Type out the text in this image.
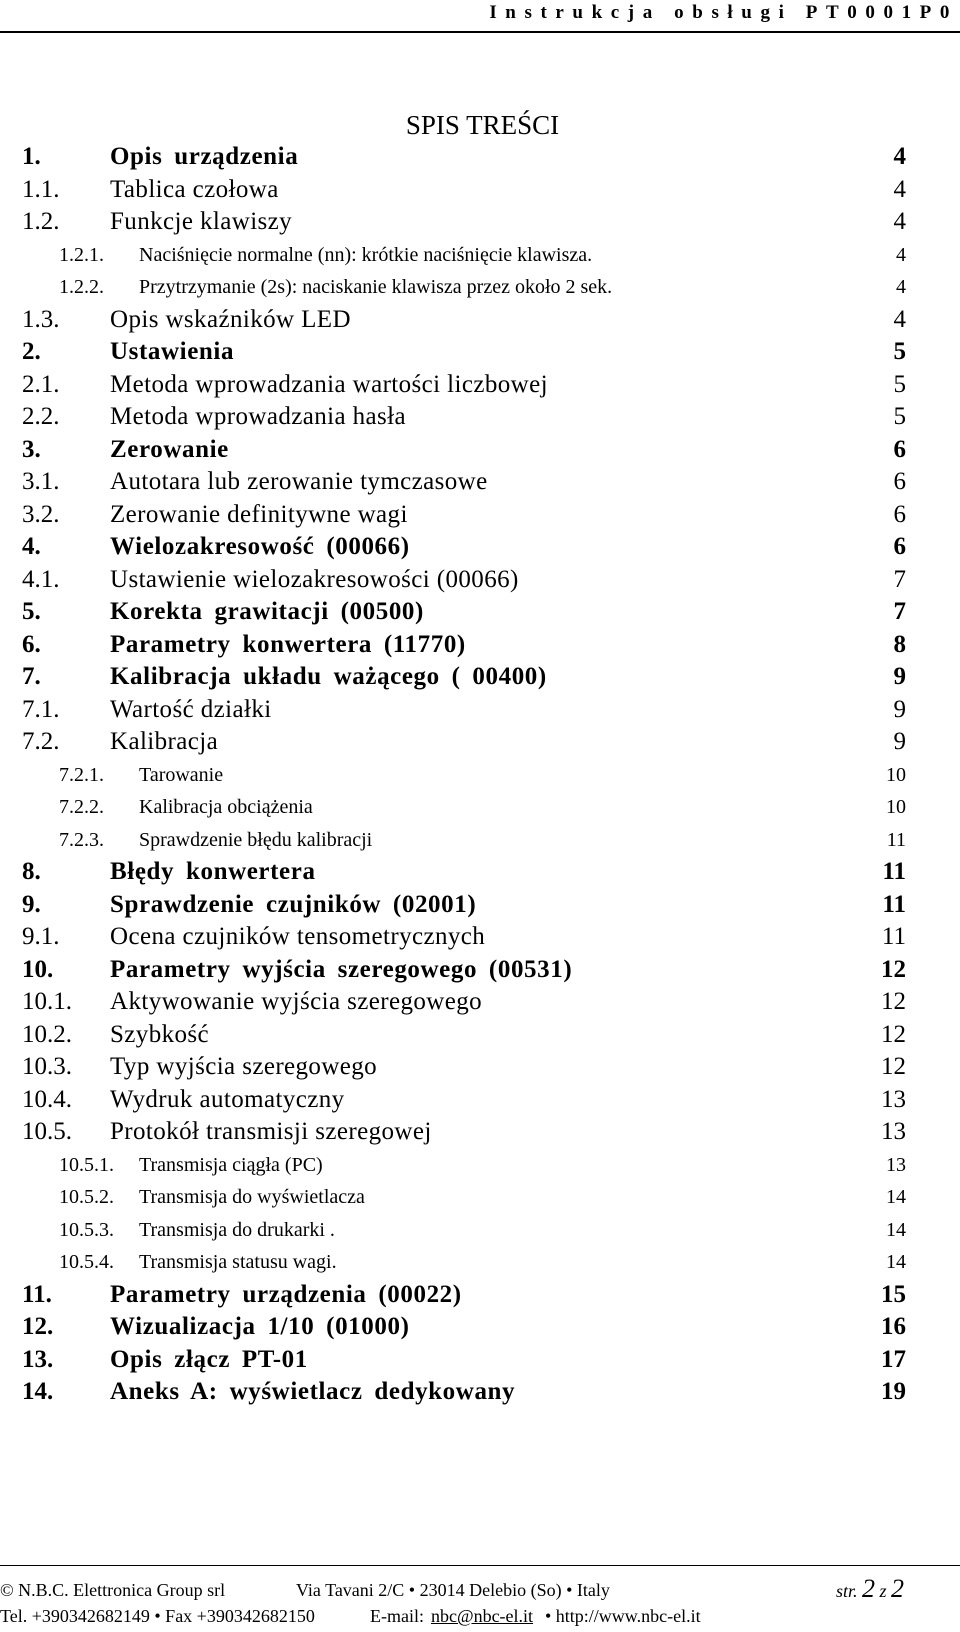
Instrukcja obsługi PT0001P0
SPIS TREŚCI
1.	Opis urządzenia	4
1.1. Tablica czołowa	4
1.2. Funkcje klawiszy	4
1.2.1. Naciśnięcie normalne (nn): krótkie naciśnięcie klawisza.	4
1.2.2. Przytrzymanie (2s): naciskanie klawisza przez około 2 sek.	4
1.3. Opis wskaźników LED	4
2.	Ustawienia	5
2.1. Metoda wprowadzania wartości liczbowej	5
2.2. Metoda wprowadzania hasła	5
3.	Zerowanie	6
3.1. Autotara lub zerowanie tymczasowe	6
3.2. Zerowanie definitywne wagi	6
4.	Wielozakresowość (00066)	6
4.1. Ustawienie wielozakresowości (00066)	7
5.	Korekta grawitacji (00500)	7
6.	Parametry konwertera (11770)	8
7.	Kalibracja układu ważącego ( 00400)	9
7.1. Wartość działki	9
7.2. Kalibracja	9
7.2.1. Tarowanie	10
7.2.2. Kalibracja obciążenia	10
7.2.3. Sprawdzenie błędu kalibracji	11
8.	Błędy konwertera	11
9.	Sprawdzenie czujników (02001)	11
9.1. Ocena czujników tensometrycznych	11
10. Parametry wyjścia szeregowego (00531)	12
10.1. Aktywowanie wyjścia szeregowego	12
10.2. Szybkość	12
10.3. Typ wyjścia szeregowego	12
10.4. Wydruk automatyczny	13
10.5. Protokół transmisji szeregowej	13
10.5.1. Transmisja ciągła (PC)	13
10.5.2. Transmisja do wyświetlacza	14
10.5.3. Transmisja do drukarki .	14
10.5.4. Transmisja statusu wagi.	14
11. Parametry urządzenia (00022)	15
12. Wizualizacja 1/10 (01000)	16
13. Opis złącz PT-01	17
14. Aneks A: wyświetlacz dedykowany	19
© N.B.C. Elettronica Group srl	Via Tavani 2/C • 23014 Delebio (So) • Italy	str. 2 z 2
Tel. +390342682149 • Fax +390342682150	E-mail: nbc@nbc-el.it • http://www.nbc-el.it
